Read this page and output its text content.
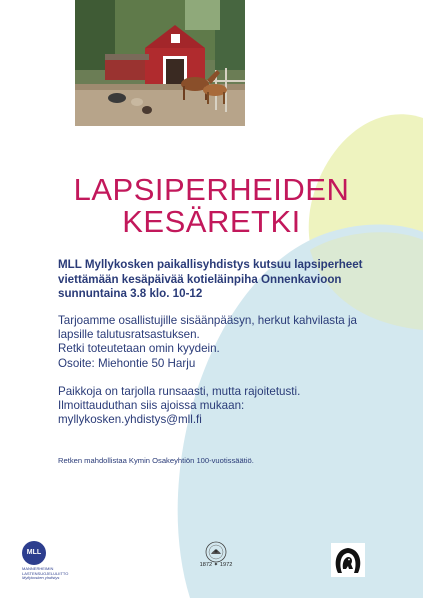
LAPSIPERHEIDEN
KESÄRETKI
MLL Myllykosken paikallisyhdistys kutsuu lapsiperheet
viettämään kesäpäivää kotieläinpiha Onnenkavioon
sunnuntaina 3.8 klo. 10-12
Tarjoamme osallistujille sisäänpääsyn, herkut kahvilasta ja
lapsille talutusratsastuksen.
Retki toteutetaan omin kyydein.
Osoite: Miehontie 50 Harju
Paikkoja on tarjolla runsaasti, mutta rajoitetusti.
Ilmoittauduthan siis ajoissa mukaan:
myllykosken.yhdistys@mll.fi
Retken mahdollistaa Kymin Osakeyhtiön 100-vuotissäätiö.
MLL
MANNERHEIMIN
LASTENSUOJELULIITTO
Myllykosken yhdistys
1872 ✦ 1972
